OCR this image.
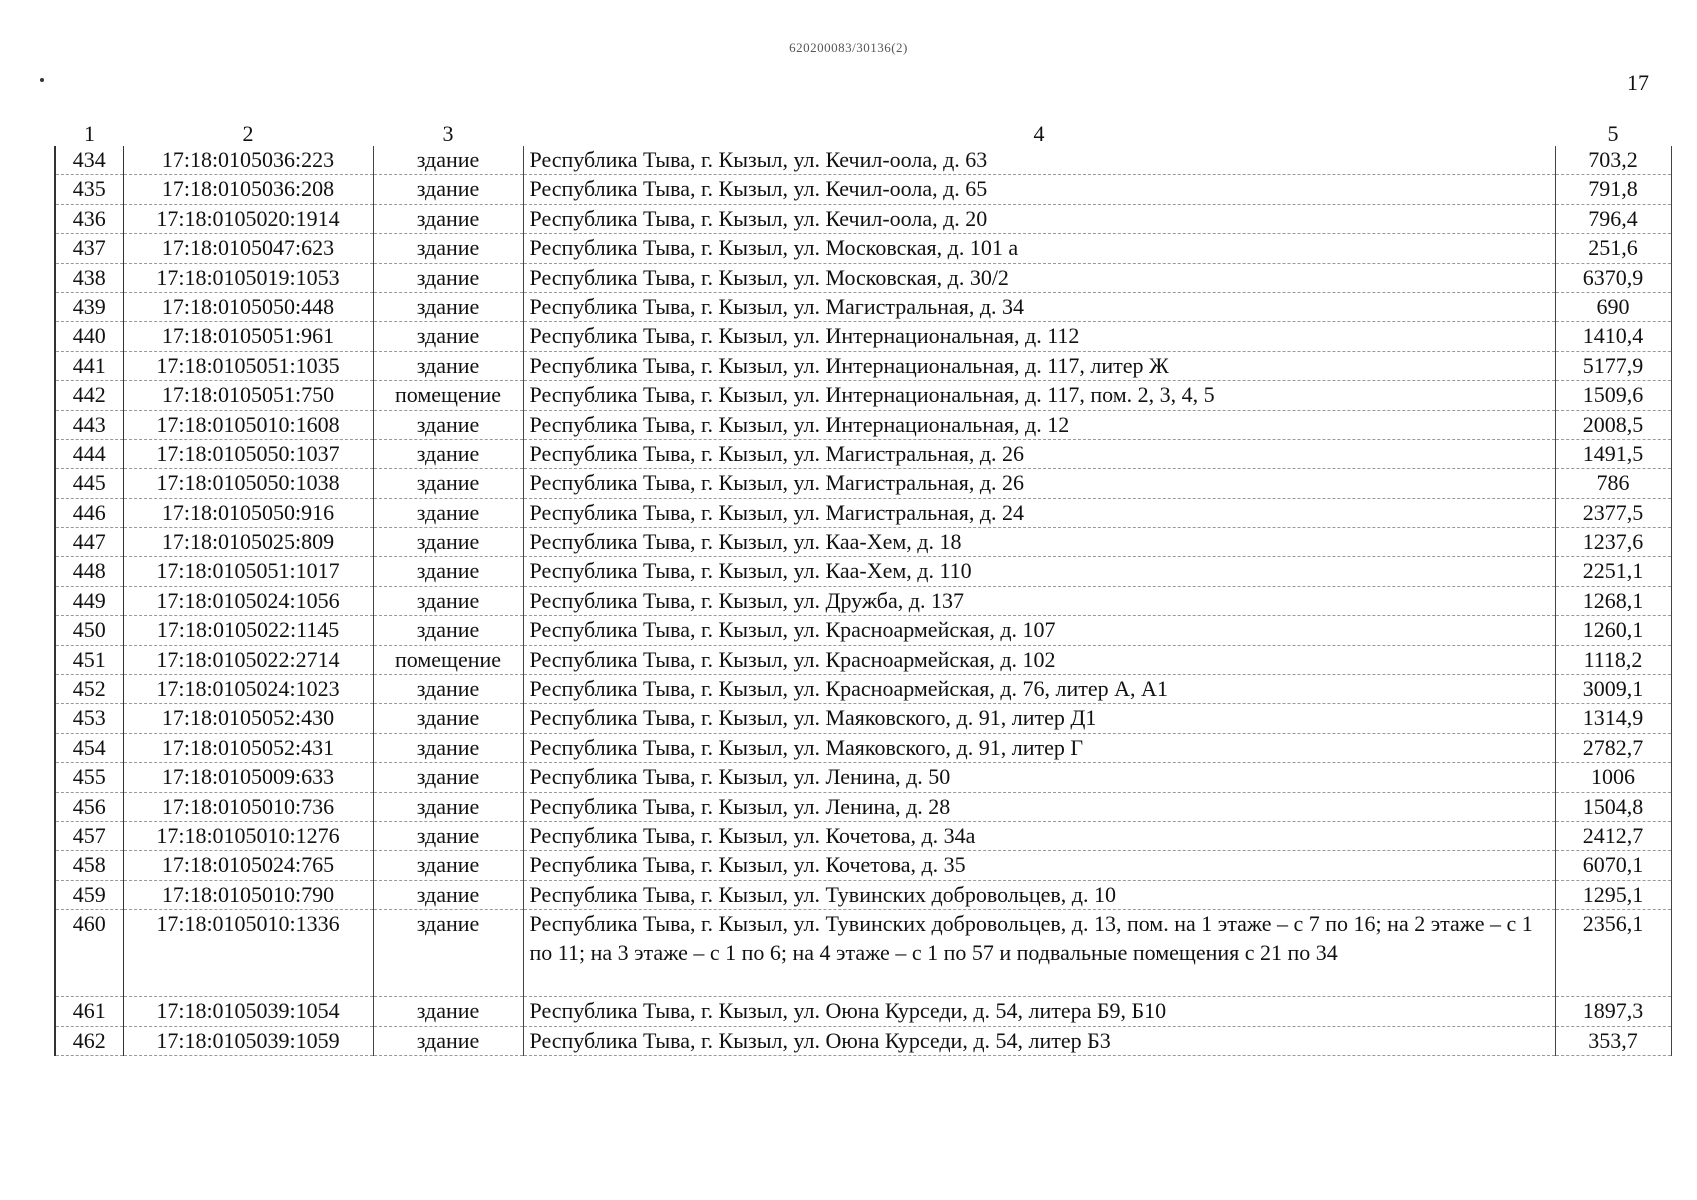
620200083/30136(2)
17
1	2	3	4	5
434	17:18:0105036:223	здание	Республика Тыва, г. Кызыл, ул. Кечил-оола, д. 63	703,2
435	17:18:0105036:208	здание	Республика Тыва, г. Кызыл, ул. Кечил-оола, д. 65	791,8
436	17:18:0105020:1914	здание	Республика Тыва, г. Кызыл, ул. Кечил-оола, д. 20	796,4
437	17:18:0105047:623	здание	Республика Тыва, г. Кызыл, ул. Московская, д. 101 а	251,6
438	17:18:0105019:1053	здание	Республика Тыва, г. Кызыл, ул. Московская, д. 30/2	6370,9
439	17:18:0105050:448	здание	Республика Тыва, г. Кызыл, ул. Магистральная, д. 34	690
440	17:18:0105051:961	здание	Республика Тыва, г. Кызыл, ул. Интернациональная, д. 112	1410,4
441	17:18:0105051:1035	здание	Республика Тыва, г. Кызыл, ул. Интернациональная, д. 117, литер Ж	5177,9
442	17:18:0105051:750	помещение	Республика Тыва, г. Кызыл, ул. Интернациональная, д. 117, пом. 2, 3, 4, 5	1509,6
443	17:18:0105010:1608	здание	Республика Тыва, г. Кызыл, ул. Интернациональная, д. 12	2008,5
444	17:18:0105050:1037	здание	Республика Тыва, г. Кызыл, ул. Магистральная, д. 26	1491,5
445	17:18:0105050:1038	здание	Республика Тыва, г. Кызыл, ул. Магистральная, д. 26	786
446	17:18:0105050:916	здание	Республика Тыва, г. Кызыл, ул. Магистральная, д. 24	2377,5
447	17:18:0105025:809	здание	Республика Тыва, г. Кызыл, ул. Каа-Хем, д. 18	1237,6
448	17:18:0105051:1017	здание	Республика Тыва, г. Кызыл, ул. Каа-Хем, д. 110	2251,1
449	17:18:0105024:1056	здание	Республика Тыва, г. Кызыл, ул. Дружба, д. 137	1268,1
450	17:18:0105022:1145	здание	Республика Тыва, г. Кызыл, ул. Красноармейская, д. 107	1260,1
451	17:18:0105022:2714	помещение	Республика Тыва, г. Кызыл, ул. Красноармейская, д. 102	1118,2
452	17:18:0105024:1023	здание	Республика Тыва, г. Кызыл, ул. Красноармейская, д. 76, литер А, А1	3009,1
453	17:18:0105052:430	здание	Республика Тыва, г. Кызыл, ул. Маяковского, д. 91, литер Д1	1314,9
454	17:18:0105052:431	здание	Республика Тыва, г. Кызыл, ул. Маяковского, д. 91, литер Г	2782,7
455	17:18:0105009:633	здание	Республика Тыва, г. Кызыл, ул. Ленина, д. 50	1006
456	17:18:0105010:736	здание	Республика Тыва, г. Кызыл, ул. Ленина, д. 28	1504,8
457	17:18:0105010:1276	здание	Республика Тыва, г. Кызыл, ул. Кочетова, д. 34а	2412,7
458	17:18:0105024:765	здание	Республика Тыва, г. Кызыл, ул. Кочетова, д. 35	6070,1
459	17:18:0105010:790	здание	Республика Тыва, г. Кызыл, ул. Тувинских добровольцев, д. 10	1295,1
460	17:18:0105010:1336	здание	Республика Тыва, г. Кызыл, ул. Тувинских добровольцев, д. 13, пом. на 1 этаже – с 7 по 16; на 2 этаже – с 1 по 11; на 3 этаже – с 1 по 6; на 4 этаже – с 1 по 57 и подвальные помещения с 21 по 34	2356,1
461	17:18:0105039:1054	здание	Республика Тыва, г. Кызыл, ул. Оюна Курседи, д. 54, литера Б9, Б10	1897,3
462	17:18:0105039:1059	здание	Республика Тыва, г. Кызыл, ул. Оюна Курседи, д. 54, литер Б3	353,7
